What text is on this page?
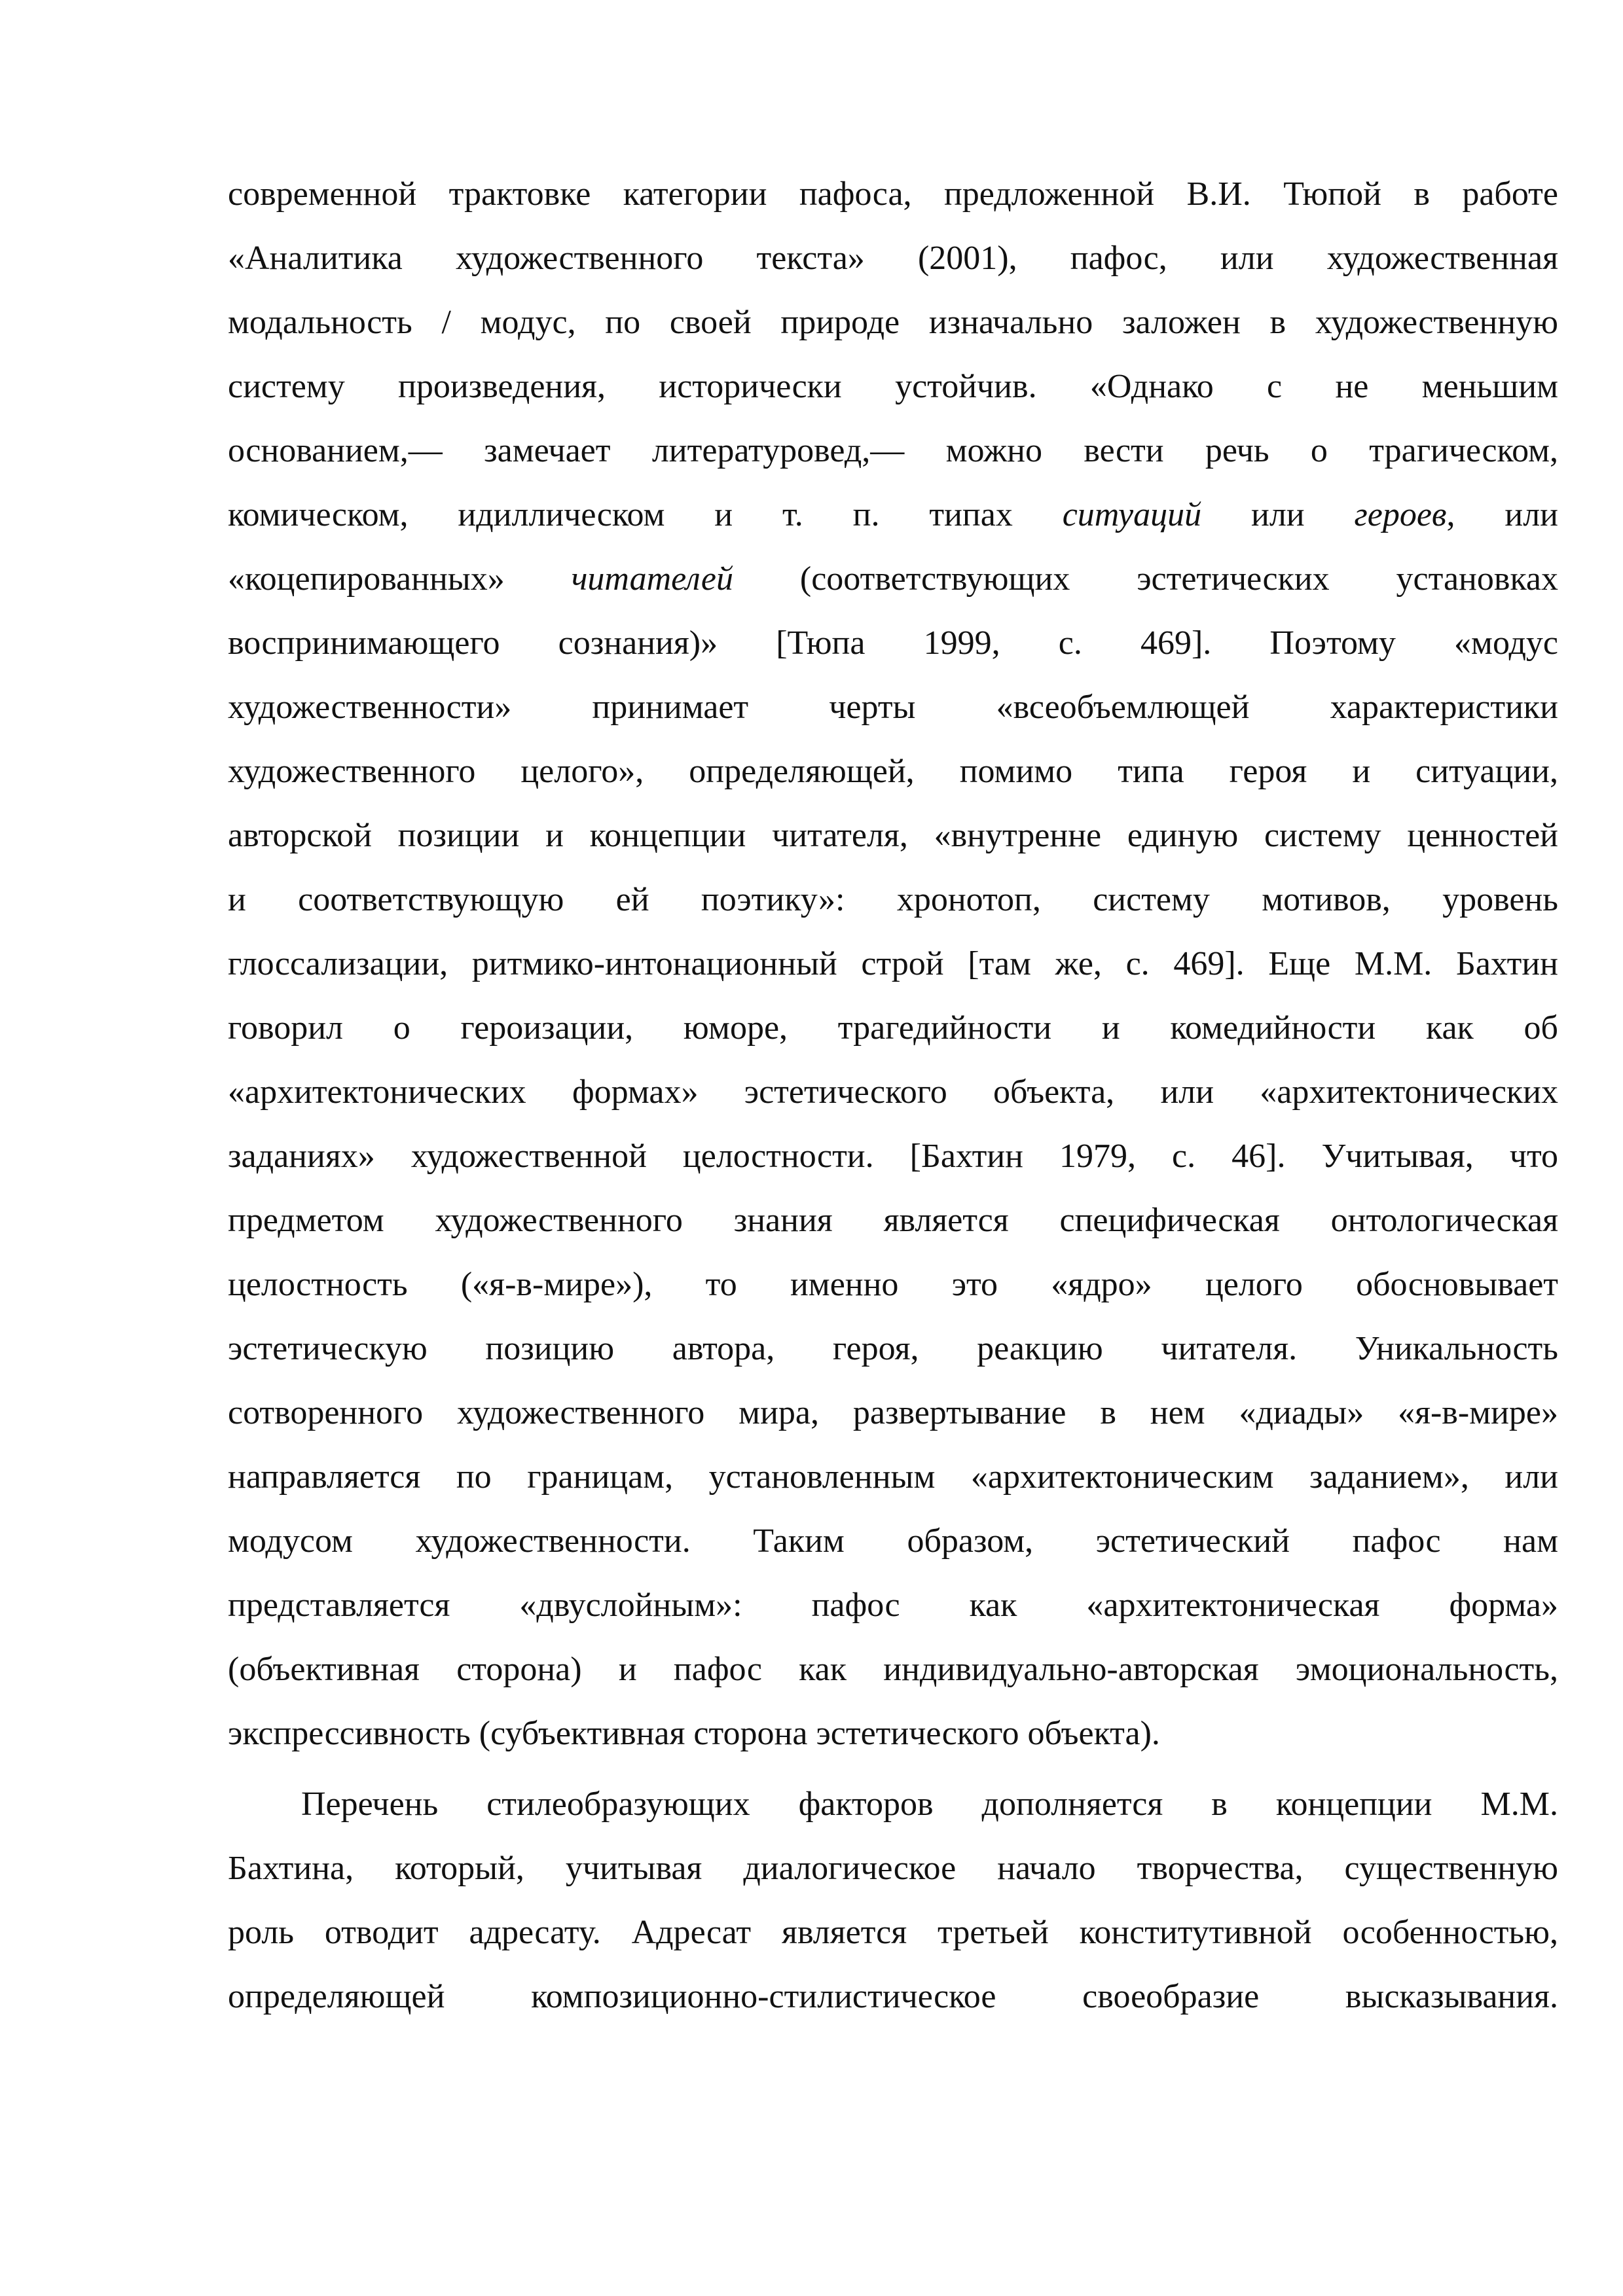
современной трактовке категории пафоса, предложенной В.И. Тюпой в работе
«Аналитика художественного текста» (2001), пафос, или художественная
модальность / модус, по своей природе изначально заложен в художественную
систему произведения, исторически устойчив. «Однако с не меньшим
основанием,— замечает литературовед,— можно вести речь о трагическом,
комическом, идиллическом и т. п. типах ситуаций или героев, или
«коцепированных» читателей (соответствующих эстетических установках
воспринимающего сознания)» [Тюпа 1999, с. 469]. Поэтому «модус
художественности» принимает черты «всеобъемлющей характеристики
художественного целого», определяющей, помимо типа героя и ситуации,
авторской позиции и концепции читателя, «внутренне единую систему ценностей
и соответствующую ей поэтику»: хронотоп, систему мотивов, уровень
глоссализации, ритмико-интонационный строй [там же, с. 469]. Еще М.М. Бахтин
говорил о героизации, юморе, трагедийности и комедийности как об
«архитектонических формах» эстетического объекта, или «архитектонических
заданиях» художественной целостности. [Бахтин 1979, с. 46]. Учитывая, что
предметом художественного знания является специфическая онтологическая
целостность («я-в-мире»), то именно это «ядро» целого обосновывает
эстетическую позицию автора, героя, реакцию читателя. Уникальность
сотворенного художественного мира, развертывание в нем «диады» «я-в-мире»
направляется по границам, установленным «архитектоническим заданием», или
модусом художественности. Таким образом, эстетический пафос нам
представляется «двуслойным»: пафос как «архитектоническая форма»
(объективная сторона) и пафос как индивидуально-авторская эмоциональность,
экспрессивность (субъективная сторона эстетического объекта).
Перечень стилеобразующих факторов дополняется в концепции М.М.
Бахтина, который, учитывая диалогическое начало творчества, существенную
роль отводит адресату. Адресат является третьей конститутивной особенностью,
определяющей композиционно-стилистическое своеобразие высказывания.
